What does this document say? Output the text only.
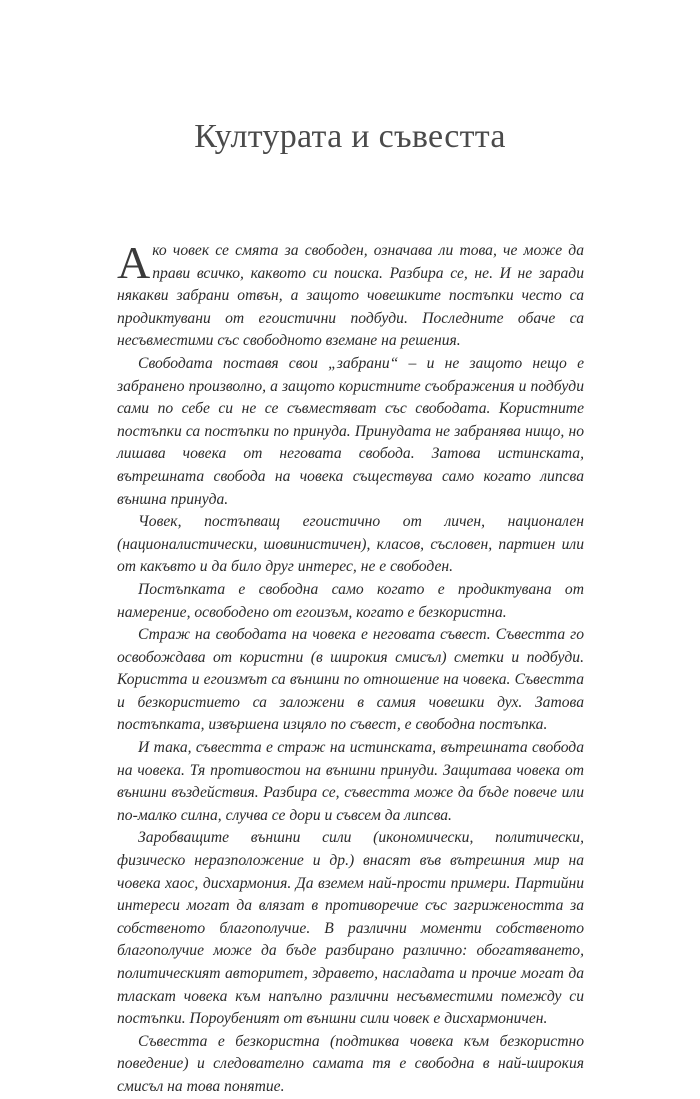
Културата и съвестта

Ако човек се смята за свободен, означава ли това, че може да прави всичко, каквото си поиска. Разбира се, не. И не заради някакви забрани отвън, а защото човешките постъпки често са продиктувани от егоистични подбуди. Последните обаче са несъвместими със свободното вземане на решения.

Свободата поставя свои „забрани“ – и не защото нещо е забранено произволно, а защото користните съображения и подбуди сами по себе си не се съвместяват със свободата. Користните постъпки са постъпки по принуда. Принудата не забранява нищо, но лишава човека от неговата свобода. Затова истинската, вътрешната свобода на човека съществува само когато липсва външна принуда.

Човек, постъпващ егоистично от личен, национален (националистически, шовинистичен), класов, съсловен, партиен или от какъвто и да било друг интерес, не е свободен.

Постъпката е свободна само когато е продиктувана от намерение, освободено от егоизъм, когато е безкористна.

Страж на свободата на човека е неговата съвест. Съвестта го освобождава от користни (в широкия смисъл) сметки и подбуди. Користта и егоизмът са външни по отношение на човека. Съвестта и безкористието са заложени в самия човешки дух. Затова постъпката, извършена изцяло по съвест, е свободна постъпка.

И така, съвестта е страж на истинската, вътрешната свобода на човека. Тя противостои на външни принуди. Защитава човека от външни въздействия. Разбира се, съвестта може да бъде повече или по-малко силна, случва се дори и съвсем да липсва.

Заробващите външни сили (икономически, политически, физическо неразположение и др.) внасят във вътрешния мир на човека хаос, дисхармония. Да вземем най-прости примери. Партийни интереси могат да влязат в противоречие със загрижеността за собственото благополучие. В различни моменти собственото благополучие може да бъде разбирано различно: обогатяването, политическият авторитет, здравето, насладата и прочие могат да тласкат човека към напълно различни несъвместими помежду си постъпки. Пороубеният от външни сили човек е дисхармоничен.

Съвестта е безкористна (подтиква човека към безкористно поведение) и следователно самата тя е свободна в най-широкия смисъл на това понятие.
